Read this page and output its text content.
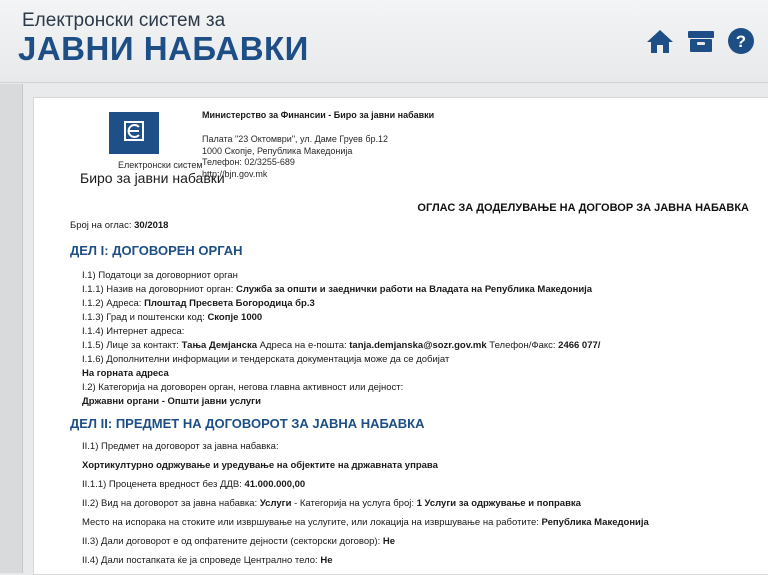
Електронски систем за
ЈАВНИ НАБАВКИ	?
Електронски систем
Биро за јавни набавки
Министерство за Финансии - Биро за јавни набавки
Палата "23 Октомври", ул. Даме Груев бр.12
1000 Скопје, Република Македонија
Телефон: 02/3255-689
http://bjn.gov.mk
ОГЛАС ЗА ДОДЕЛУВАЊЕ НА ДОГОВОР ЗА ЈАВНА НАБАВКА
Број на оглас: 30/2018
ДЕЛ I: ДОГОВОРЕН ОРГАН
I.1) Податоци за договорниот орган
I.1.1) Назив на договорниот орган: Служба за општи и заеднички работи на Владата на Република Македонија
I.1.2) Адреса: Плоштад Пресвета Богородица бр.3
I.1.3) Град и поштенски код: Скопје 1000
I.1.4) Интернет адреса:
I.1.5) Лице за контакт: Тања Демјанска Адреса на е-пошта: tanja.demjanska@sozr.gov.mk Телефон/Факс: 2466 077/
I.1.6) Дополнителни информации и тендерската документација може да се добијат
На горната адреса
I.2) Категорија на договорен орган, негова главна активност или дејност:
Државни органи - Општи јавни услуги
ДЕЛ II: ПРЕДМЕТ НА ДОГОВОРОТ ЗА ЈАВНА НАБАВКА
II.1) Предмет на договорот за јавна набавка:
Хортикултурно одржување и уредување на објектите на државната управа
II.1.1) Проценета вредност без ДДВ: 41.000.000,00
II.2) Вид на договорот за јавна набавка: Услуги - Категорија на услуга број: 1 Услуги за одржување и поправка
Место на испорака на стоките или извршување на услугите, или локација на извршување на работите: Република Македонија
II.3) Дали договорот е од опфатените дејности (секторски договор): Не
II.4) Дали постапката ќе ја спроведе Централно тело: Не
